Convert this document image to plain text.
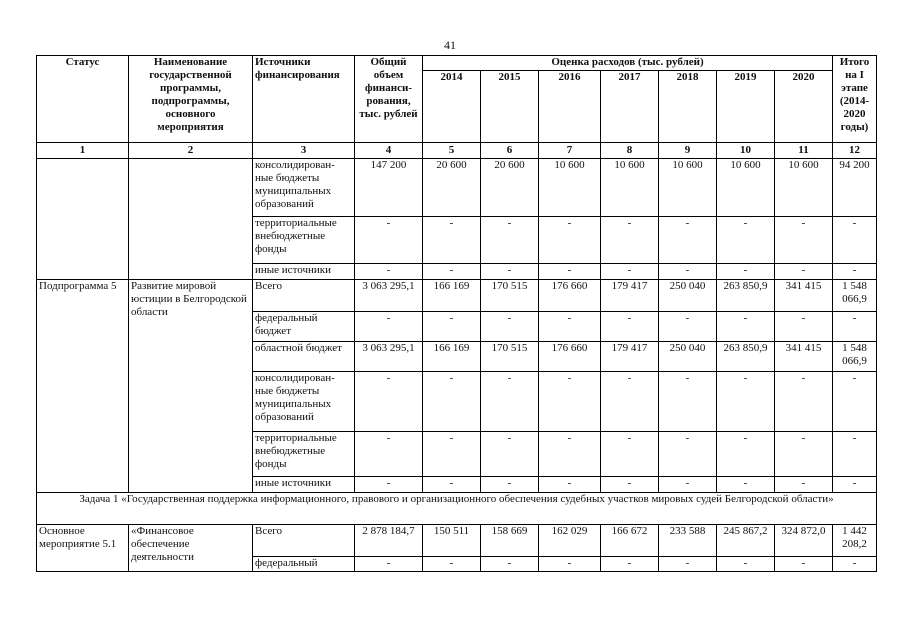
41
Статус	Наименование государственной программы, подпрограммы, основного мероприятия	Источники финансирования	Общий объем финанси-рования, тыс. рублей	Оценка расходов (тыс. рублей)							Итого на I этапе (2014-2020 годы)
				2014	2015	2016	2017	2018	2019	2020	
1	2	3	4	5	6	7	8	9	10	11	12
		консолидирован-ные бюджеты муниципальных образований	147 200	20 600	20 600	10 600	10 600	10 600	10 600	10 600	94 200
		территориальные внебюджетные фонды	-	-	-	-	-	-	-	-	-
		иные источники	-	-	-	-	-	-	-	-	-
Подпрограмма 5	Развитие мировой юстиции в Белгородской области	Всего	3 063 295,1	166 169	170 515	176 660	179 417	250 040	263 850,9	341 415	1 548 066,9
		федеральный бюджет	-	-	-	-	-	-	-	-	-
		областной бюджет	3 063 295,1	166 169	170 515	176 660	179 417	250 040	263 850,9	341 415	1 548 066,9
		консолидирован-ные бюджеты муниципальных образований	-	-	-	-	-	-	-	-	-
		территориальные внебюджетные фонды	-	-	-	-	-	-	-	-	-
		иные источники	-	-	-	-	-	-	-	-	-
Задача 1 «Государственная поддержка информационного, правового и организационного обеспечения судебных участков мировых судей Белгородской области»											
Основное мероприятие 5.1	«Финансовое обеспечение деятельности	Всего	2 878 184,7	150 511	158 669	162 029	166 672	233 588	245 867,2	324 872,0	1 442 208,2
		федеральный	-	-	-	-	-	-	-	-	-
